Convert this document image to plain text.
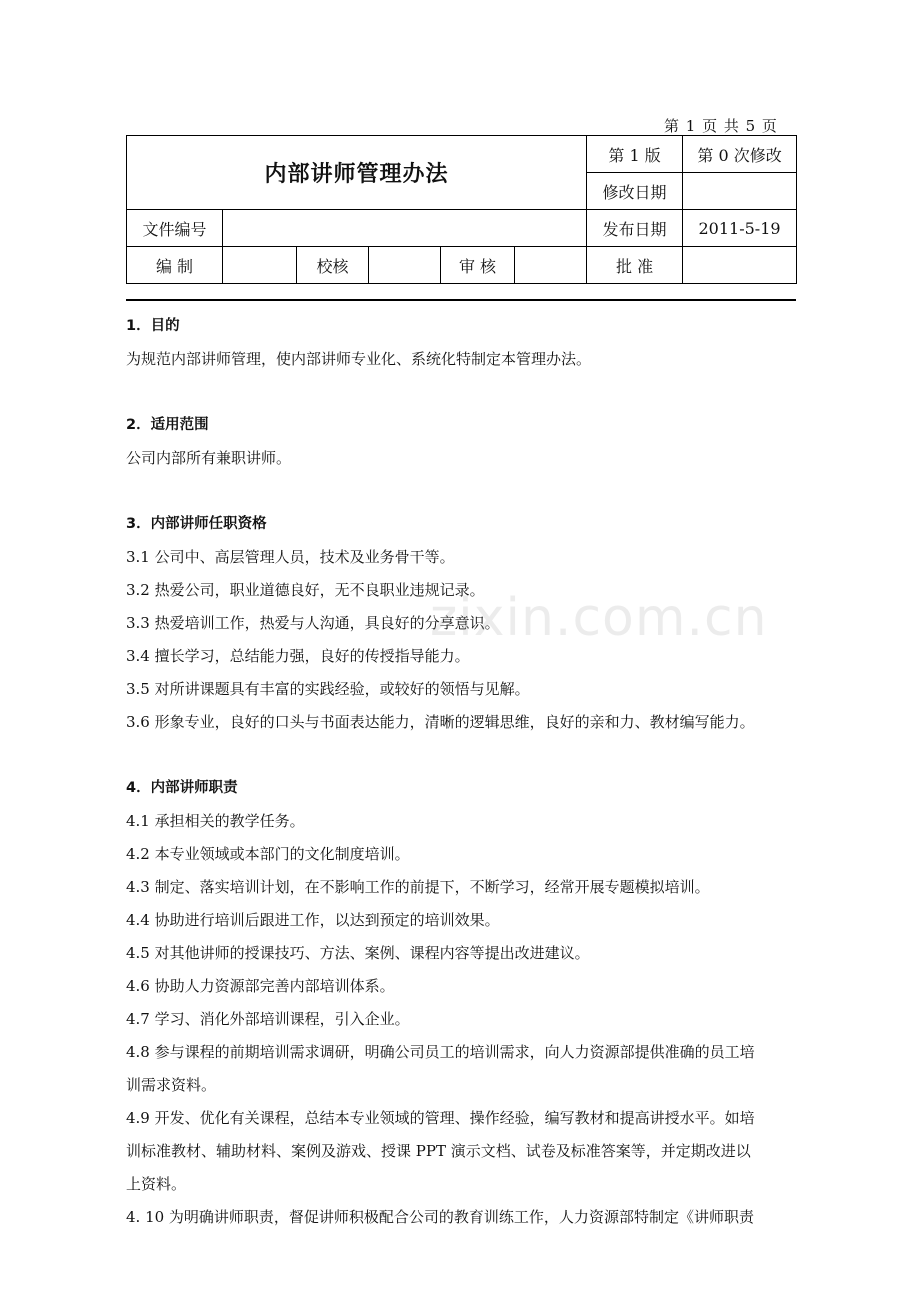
第 1 页 共 5 页
内部讲师管理办法						第 1 版	第 0 次修改
						修改日期	
文件编号						发布日期	2011-5-19
编 制		校核		审 核		批 准	

1．目的

为规范内部讲师管理，使内部讲师专业化、系统化特制定本管理办法。

2．适用范围

公司内部所有兼职讲师。

3．内部讲师任职资格

3.1 公司中、高层管理人员，技术及业务骨干等。

3.2 热爱公司，职业道德良好，无不良职业违规记录。

3.3 热爱培训工作，热爱与人沟通，具良好的分享意识。

3.4 擅长学习，总结能力强，良好的传授指导能力。

3.5 对所讲课题具有丰富的实践经验，或较好的领悟与见解。

3.6 形象专业，良好的口头与书面表达能力，清晰的逻辑思维，良好的亲和力、教材编写能力。

4．内部讲师职责

4.1 承担相关的教学任务。

4.2 本专业领域或本部门的文化制度培训。

4.3 制定、落实培训计划，在不影响工作的前提下，不断学习，经常开展专题模拟培训。

4.4 协助进行培训后跟进工作，以达到预定的培训效果。

4.5 对其他讲师的授课技巧、方法、案例、课程内容等提出改进建议。

4.6 协助人力资源部完善内部培训体系。

4.7 学习、消化外部培训课程，引入企业。

4.8 参与课程的前期培训需求调研，明确公司员工的培训需求，向人力资源部提供准确的员工培

训需求资料。

4.9 开发、优化有关课程，总结本专业领域的管理、操作经验，编写教材和提高讲授水平。如培

训标准教材、辅助材料、案例及游戏、授课 PPT 演示文档、试卷及标准答案等，并定期改进以

上资料。

4. 10 为明确讲师职责，督促讲师积极配合公司的教育训练工作，人力资源部特制定《讲师职责

zixin.com.cn
